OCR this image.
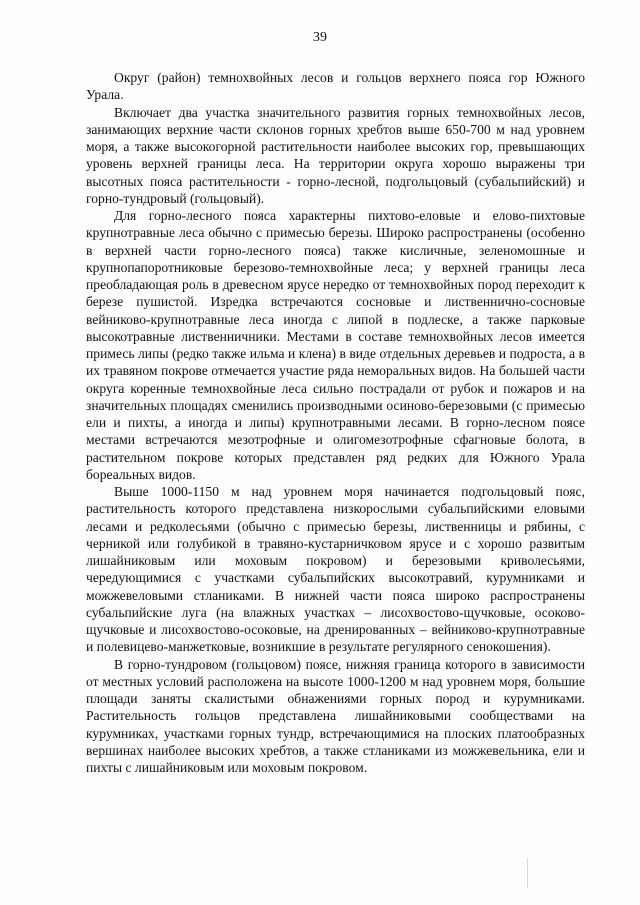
39

Округ (район) темнохвойных лесов и гольцов верхнего пояса гор Южного Урала.

Включает два участка значительного развития горных темнохвойных лесов, занимающих верхние части склонов горных хребтов выше 650-700 м над уровнем моря, а также высокогорной растительности наиболее высоких гор, превышающих уровень верхней границы леса. На территории округа хорошо выражены три высотных пояса растительности - горно-лесной, подгольцовый (субальпийский) и горно-тундровый (гольцовый).

Для горно-лесного пояса характерны пихтово-еловые и елово-пихтовые крупнотравные леса обычно с примесью березы. Широко распространены (особенно в верхней части горно-лесного пояса) также кисличные, зеленомошные и крупнопапоротниковые березово-темнохвойные леса; у верхней границы леса преобладающая роль в древесном ярусе нередко от темнохвойных пород переходит к березе пушистой. Изредка встречаются сосновые и лиственнично-сосновые вейниково-крупнотравные леса иногда с липой в подлеске, а также парковые высокотравные лиственничники. Местами в составе темнохвойных лесов имеется примесь липы (редко также ильма и клена) в виде отдельных деревьев и подроста, а в их травяном покрове отмечается участие ряда неморальных видов. На большей части округа коренные темнохвойные леса сильно пострадали от рубок и пожаров и на значительных площадях сменились производными осиново-березовыми (с примесью ели и пихты, а иногда и липы) крупнотравными лесами. В горно-лесном поясе местами встречаются мезотрофные и олигомезотрофные сфагновые болота, в растительном покрове которых представлен ряд редких для Южного Урала бореальных видов.

Выше 1000-1150 м над уровнем моря начинается подгольцовый пояс, растительность которого представлена низкорослыми субальпийскими еловыми лесами и редколесьями (обычно с примесью березы, лиственницы и рябины, с черникой или голубикой в травяно-кустарничковом ярусе и с хорошо развитым лишайниковым или моховым покровом) и березовыми криволесьями, чередующимися с участками субальпийских высокотравий, курумниками и можжевеловыми стланиками. В нижней части пояса широко распространены субальпийские луга (на влажных участках – лисохвостово-щучковые, осоково-щучковые и лисохвостово-осоковые, на дренированных – вейниково-крупнотравные и полевицево-манжетковые, возникшие в результате регулярного сенокошения).

В горно-тундровом (гольцовом) поясе, нижняя граница которого в зависимости от местных условий расположена на высоте 1000-1200 м над уровнем моря, большие площади заняты скалистыми обнажениями горных пород и курумниками. Растительность гольцов представлена лишайниковыми сообществами на курумниках, участками горных тундр, встречающимися на плоских платообразных вершинах наиболее высоких хребтов, а также стланиками из можжевельника, ели и пихты с лишайниковым или моховым покровом.
